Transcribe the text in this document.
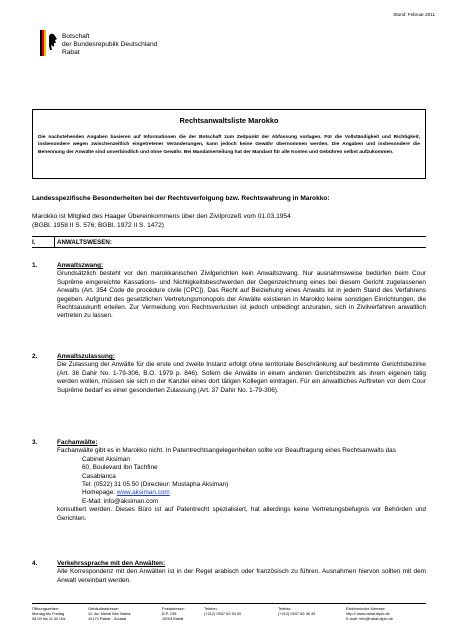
Stand: Februar 2011
Botschaft
der Bundesrepublik Deutschland
Rabat
Rechtsanwaltsliste Marokko
Die nachstehenden Angaben basieren auf Informationen die der Botschaft zum Zeitpunkt der Abfassung vorlagen. Für die Vollständigkeit und Richtigkeit, insbesondere wegen zwischenzeitlich eingetretener Veränderungen, kann jedoch keine Gewähr übernommen werden. Die Angaben und insbesondere die Benennung der Anwälte sind unverbindlich und ohne Gewähr. Bei Mandatserteilung hat der Mandant für alle Kosten und Gebühren selbst aufzukommen.
Landesspezifische Besonderheiten bei der Rechtsverfolgung bzw. Rechtswahrung in Marokko:
Marokko ist Mitglied des Haager Übereinkommens über den Zivilprozeß vom 01.03.1954
(BGBl. 1958 II S. 576; BGBl. 1972 II S. 1472)
I.	ANWALTSWESEN:
1.	Anwaltszwang:
Grundsätzlich besteht vor den marokkanischen Zivilgerichten kein Anwaltszwang. Nur ausnahmsweise bedürfen beim Cour Suprême eingereichte Kassations- und Nichtigkeitsbeschwerden der Gegenzeichnung eines bei diesem Gericht zugelassenen Anwalts (Art. 354 Code de procédure civile [CPC]). Das Recht auf Beiziehung eines Anwalts ist in jedem Stand des Verfahrens gegeben. Aufgrund des gesetzlichen Vertretungsmonopols der Anwälte existieren in Marokko keine sonstigen Einrichtungen, die Rechtsauskunft erteilen. Zur Vermeidung von Rechtsverlusten ist jedoch unbedingt anzuraten, sich in Zivilverfahren anwaltlich vertreten zu lassen.
2.	Anwaltszulassung:
Die Zulassung der Anwälte für die erste und zweite Instanz erfolgt ohne territoriale Beschränkung auf bestimmte Gerichtsbezirke (Art. 36 Dahir No. 1-79-306, B.O. 1979 p. 846). Sofern die Anwälte in einem anderen Gerichtsbezirk als ihrem eigenen tätig werden wollen, müssen sie sich in der Kanzlei eines dort tätigen Kollegen eintragen. Für ein anwaltliches Auftreten vor dem Cour Suprême bedarf es einer gesonderten Zulassung (Art. 37 Dahir No. 1-79-306).
3.	Fachanwälte:
Fachanwälte gibt es in Marokko nicht. In Patentrechtsangelegenheiten sollte vor Beauftragung eines Rechtsanwalts das
Cabinet Aksiman
60, Boulevard Ibn Tachfine
Casablanca
Tel: (0522) 31 05 50 (Directeur: Mustapha Aksiman)
Homepage: www.aksiman.com
E-Mail: info@aksiman.com
konsultiert werden. Dieses Büro ist auf Patentrecht spezialisiert, hat allerdings keine Vertretungsbefugnis vor Behörden und Gerichten.
4.	Verkehrssprache mit den Anwälten:
Alle Korrespondenz mit den Anwälten ist in der Regel arabisch oder französisch zu führen. Ausnahmen hiervon sollten mit dem Anwalt vereinbart werden.
Öffnungszeiten:
Montag bis Freitag
08.00 bis 11.00 Uhr
Gebäudeadresse:
12, Av. Mehdi Ben Barka
10170 Rabat - Souissi
Postadresse:
B.P. 235
10001Rabat
Telefon:
(+212) 0537 63 54 00
Telefax:
(+212) 0537 65 36 49
Elektronische Adresse:
http:// www.rabat.diplo.de
E-mail: info@rabat.diplo.de
